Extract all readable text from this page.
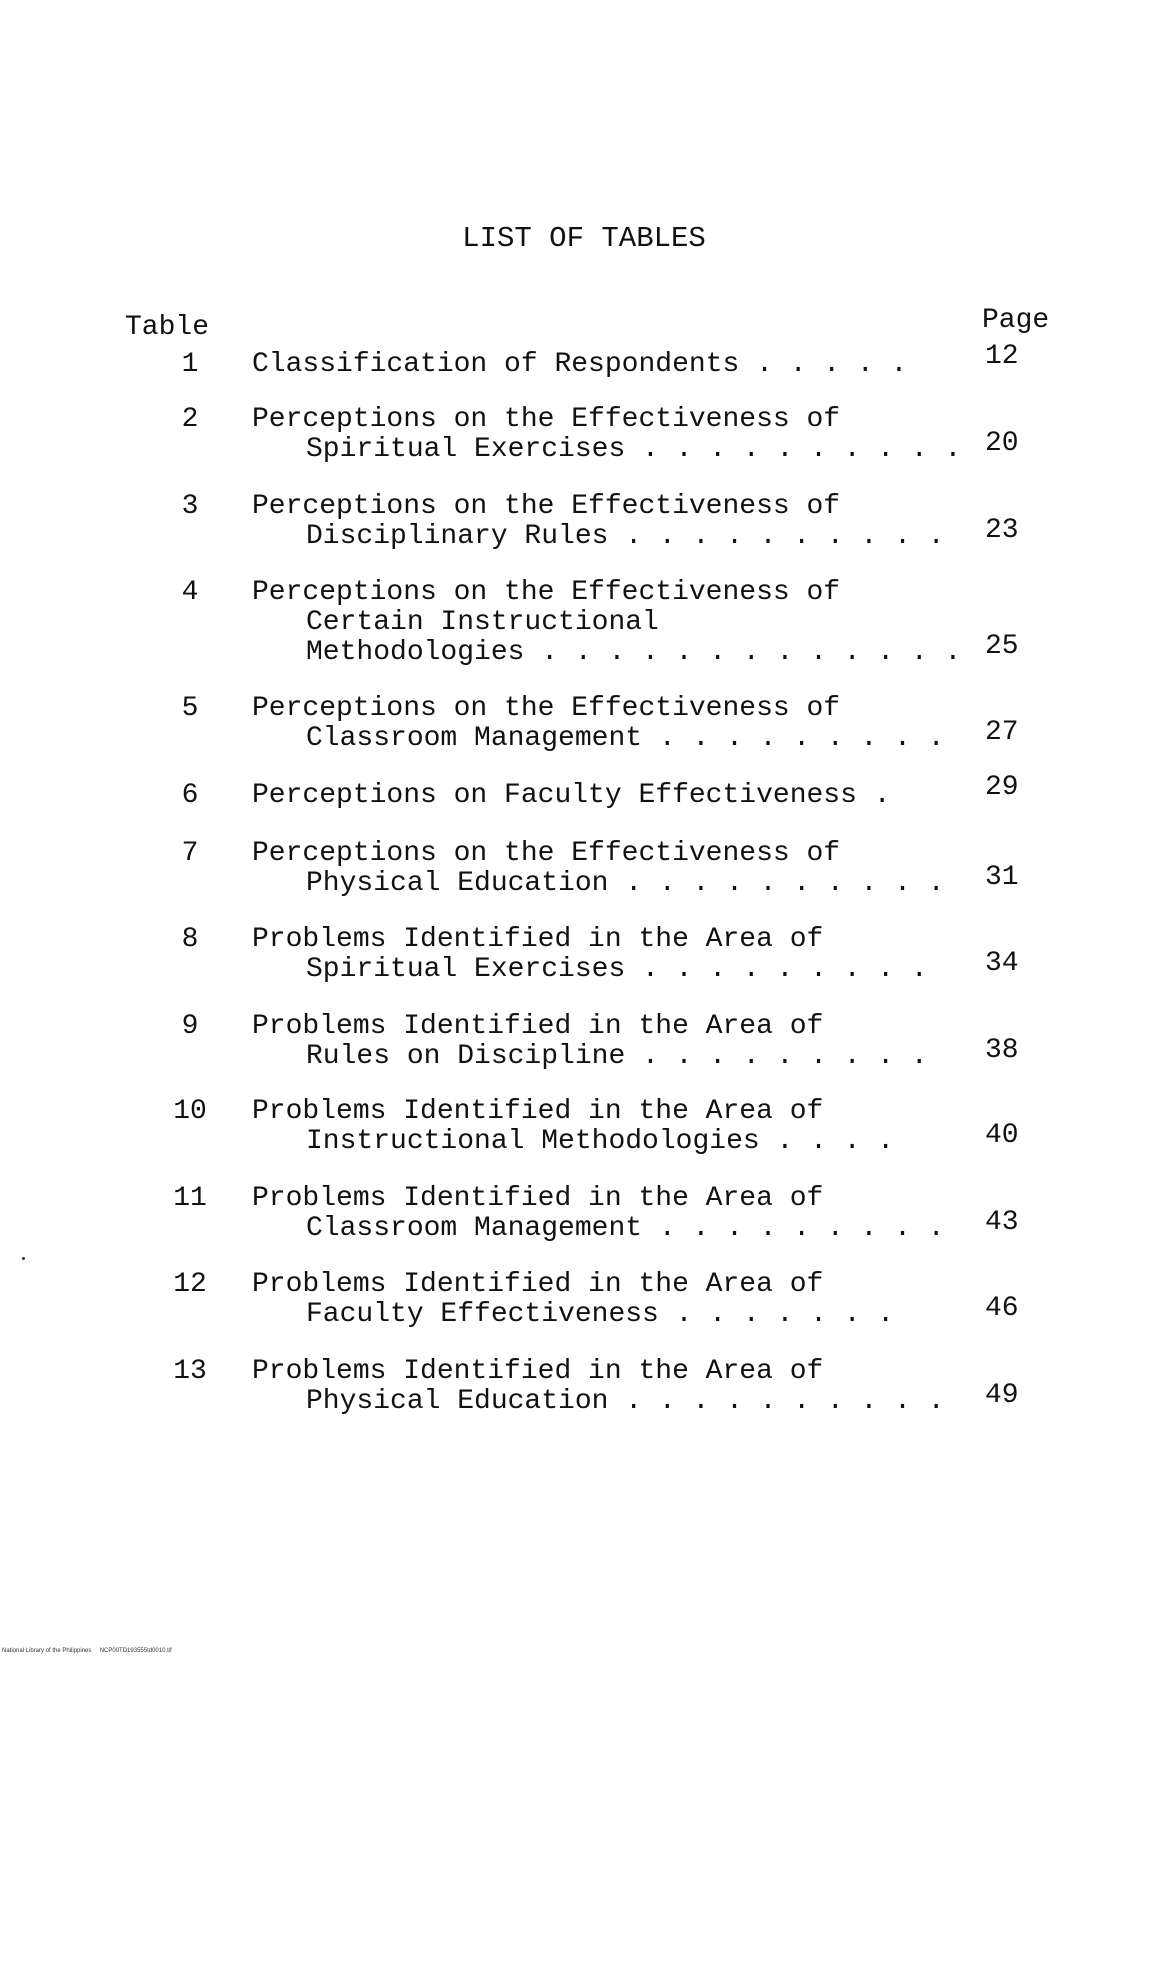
LIST OF TABLES
Table	Page
1	Classification of Respondents . . . . .	12
2	Perceptions on the Effectiveness of
Spiritual Exercises . . . . . . . . . . 20
3	Perceptions on the Effectiveness of
Disciplinary Rules . . . . . . . . . . 23
4	Perceptions on the Effectiveness of
Certain Instructional
Methodologies . . . . . . . . . . . . . 25
5	Perceptions on the Effectiveness of
Classroom Management . . . . . . . . . 27
6	Perceptions on Faculty Effectiveness .	29
7	Perceptions on the Effectiveness of
Physical Education . . . . . . . . . . 31
8	Problems Identified in the Area of
Spiritual Exercises . . . . . . . . .	34
9	Problems Identified in the Area of
Rules on Discipline . . . . . . . . .	38
10	Problems Identified in the Area of
Instructional Methodologies . . . .	40
11	Problems Identified in the Area of
Classroom Management . . . . . . . . . 43
12	Problems Identified in the Area of
Faculty Effectiveness . . . . . . .	46
13	Problems Identified in the Area of
Physical Education . . . . . . . . . . 49
National Library of the Philippines     NCP00TD193555td0010.tif
